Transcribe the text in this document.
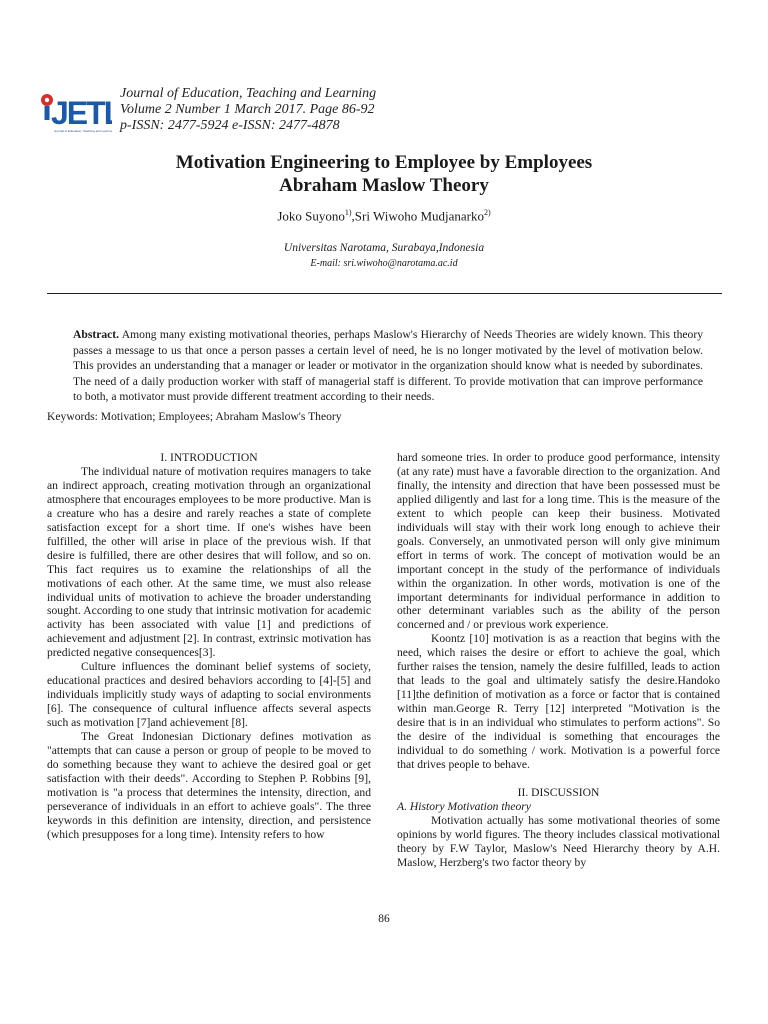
JET
Journal of Education, Teaching and Learning
Journal of Education, Teaching and Learning
Volume 2 Number 1 March 2017. Page 86-92
p-ISSN: 2477-5924 e-ISSN: 2477-4878
Motivation Engineering to Employee by Employees
Abraham Maslow Theory
Joko Suyono$^{1)}$,Sri Wiwoho Mudjanarko$^{2)}$
Universitas Narotama, Surabaya,Indonesia
E-mail: sri.wiwoho@narotama.ac.id
Abstract. Among many existing motivational theories, perhaps Maslow's Hierarchy of Needs Theories are widely known. This theory passes a message to us that once a person passes a certain level of need, he is no longer motivated by the level of motivation below. This provides an understanding that a manager or leader or motivator in the organization should know what is needed by subordinates. The need of a daily production worker with staff of managerial staff is different. To provide motivation that can improve performance to both, a motivator must provide different treatment according to their needs.
Keywords: Motivation; Employees; Abraham Maslow's Theory

I. INTRODUCTION

The individual nature of motivation requires managers to take an indirect approach, creating motivation through an organizational atmosphere that encourages employees to be more productive. Man is a creature who has a desire and rarely reaches a state of complete satisfaction except for a short time. If one's wishes have been fulfilled, the other will arise in place of the previous wish. If that desire is fulfilled, there are other desires that will follow, and so on. This fact requires us to examine the relationships of all the motivations of each other. At the same time, we must also release individual units of motivation to achieve the broader understanding sought. According to one study that intrinsic motivation for academic activity has been associated with value [1] and predictions of achievement and adjustment [2]. In contrast, extrinsic motivation has predicted negative consequences[3].

Culture influences the dominant belief systems of society, educational practices and desired behaviors according to [4]-[5] and individuals implicitly study ways of adapting to social environments [6]. The consequence of cultural influence affects several aspects such as motivation [7]and achievement [8].

The Great Indonesian Dictionary defines motivation as "attempts that can cause a person or group of people to be moved to do something because they want to achieve the desired goal or get satisfaction with their deeds". According to Stephen P. Robbins [9], motivation is "a process that determines the intensity, direction, and perseverance of individuals in an effort to achieve goals". The three keywords in this definition are intensity, direction, and persistence (which presupposes for a long time). Intensity refers to how

hard someone tries. In order to produce good performance, intensity (at any rate) must have a favorable direction to the organization. And finally, the intensity and direction that have been possessed must be applied diligently and last for a long time. This is the measure of the extent to which people can keep their business. Motivated individuals will stay with their work long enough to achieve their goals. Conversely, an unmotivated person will only give minimum effort in terms of work. The concept of motivation would be an important concept in the study of the performance of individuals within the organization. In other words, motivation is one of the important determinants for individual performance in addition to other determinant variables such as the ability of the person concerned and / or previous work experience.

Koontz [10] motivation is as a reaction that begins with the need, which raises the desire or effort to achieve the goal, which further raises the tension, namely the desire fulfilled, leads to action that leads to the goal and ultimately satisfy the desire.Handoko [11]the definition of motivation as a force or factor that is contained within man.George R. Terry [12] interpreted "Motivation is the desire that is in an individual who stimulates to perform actions". So the desire of the individual is something that encourages the individual to do something / work. Motivation is a powerful force that drives people to behave.

II. DISCUSSION

A. History Motivation theory

Motivation actually has some motivational theories of some opinions by world figures. The theory includes classical motivational theory by F.W Taylor, Maslow's Need Hierarchy theory by A.H. Maslow, Herzberg's two factor theory by

86
